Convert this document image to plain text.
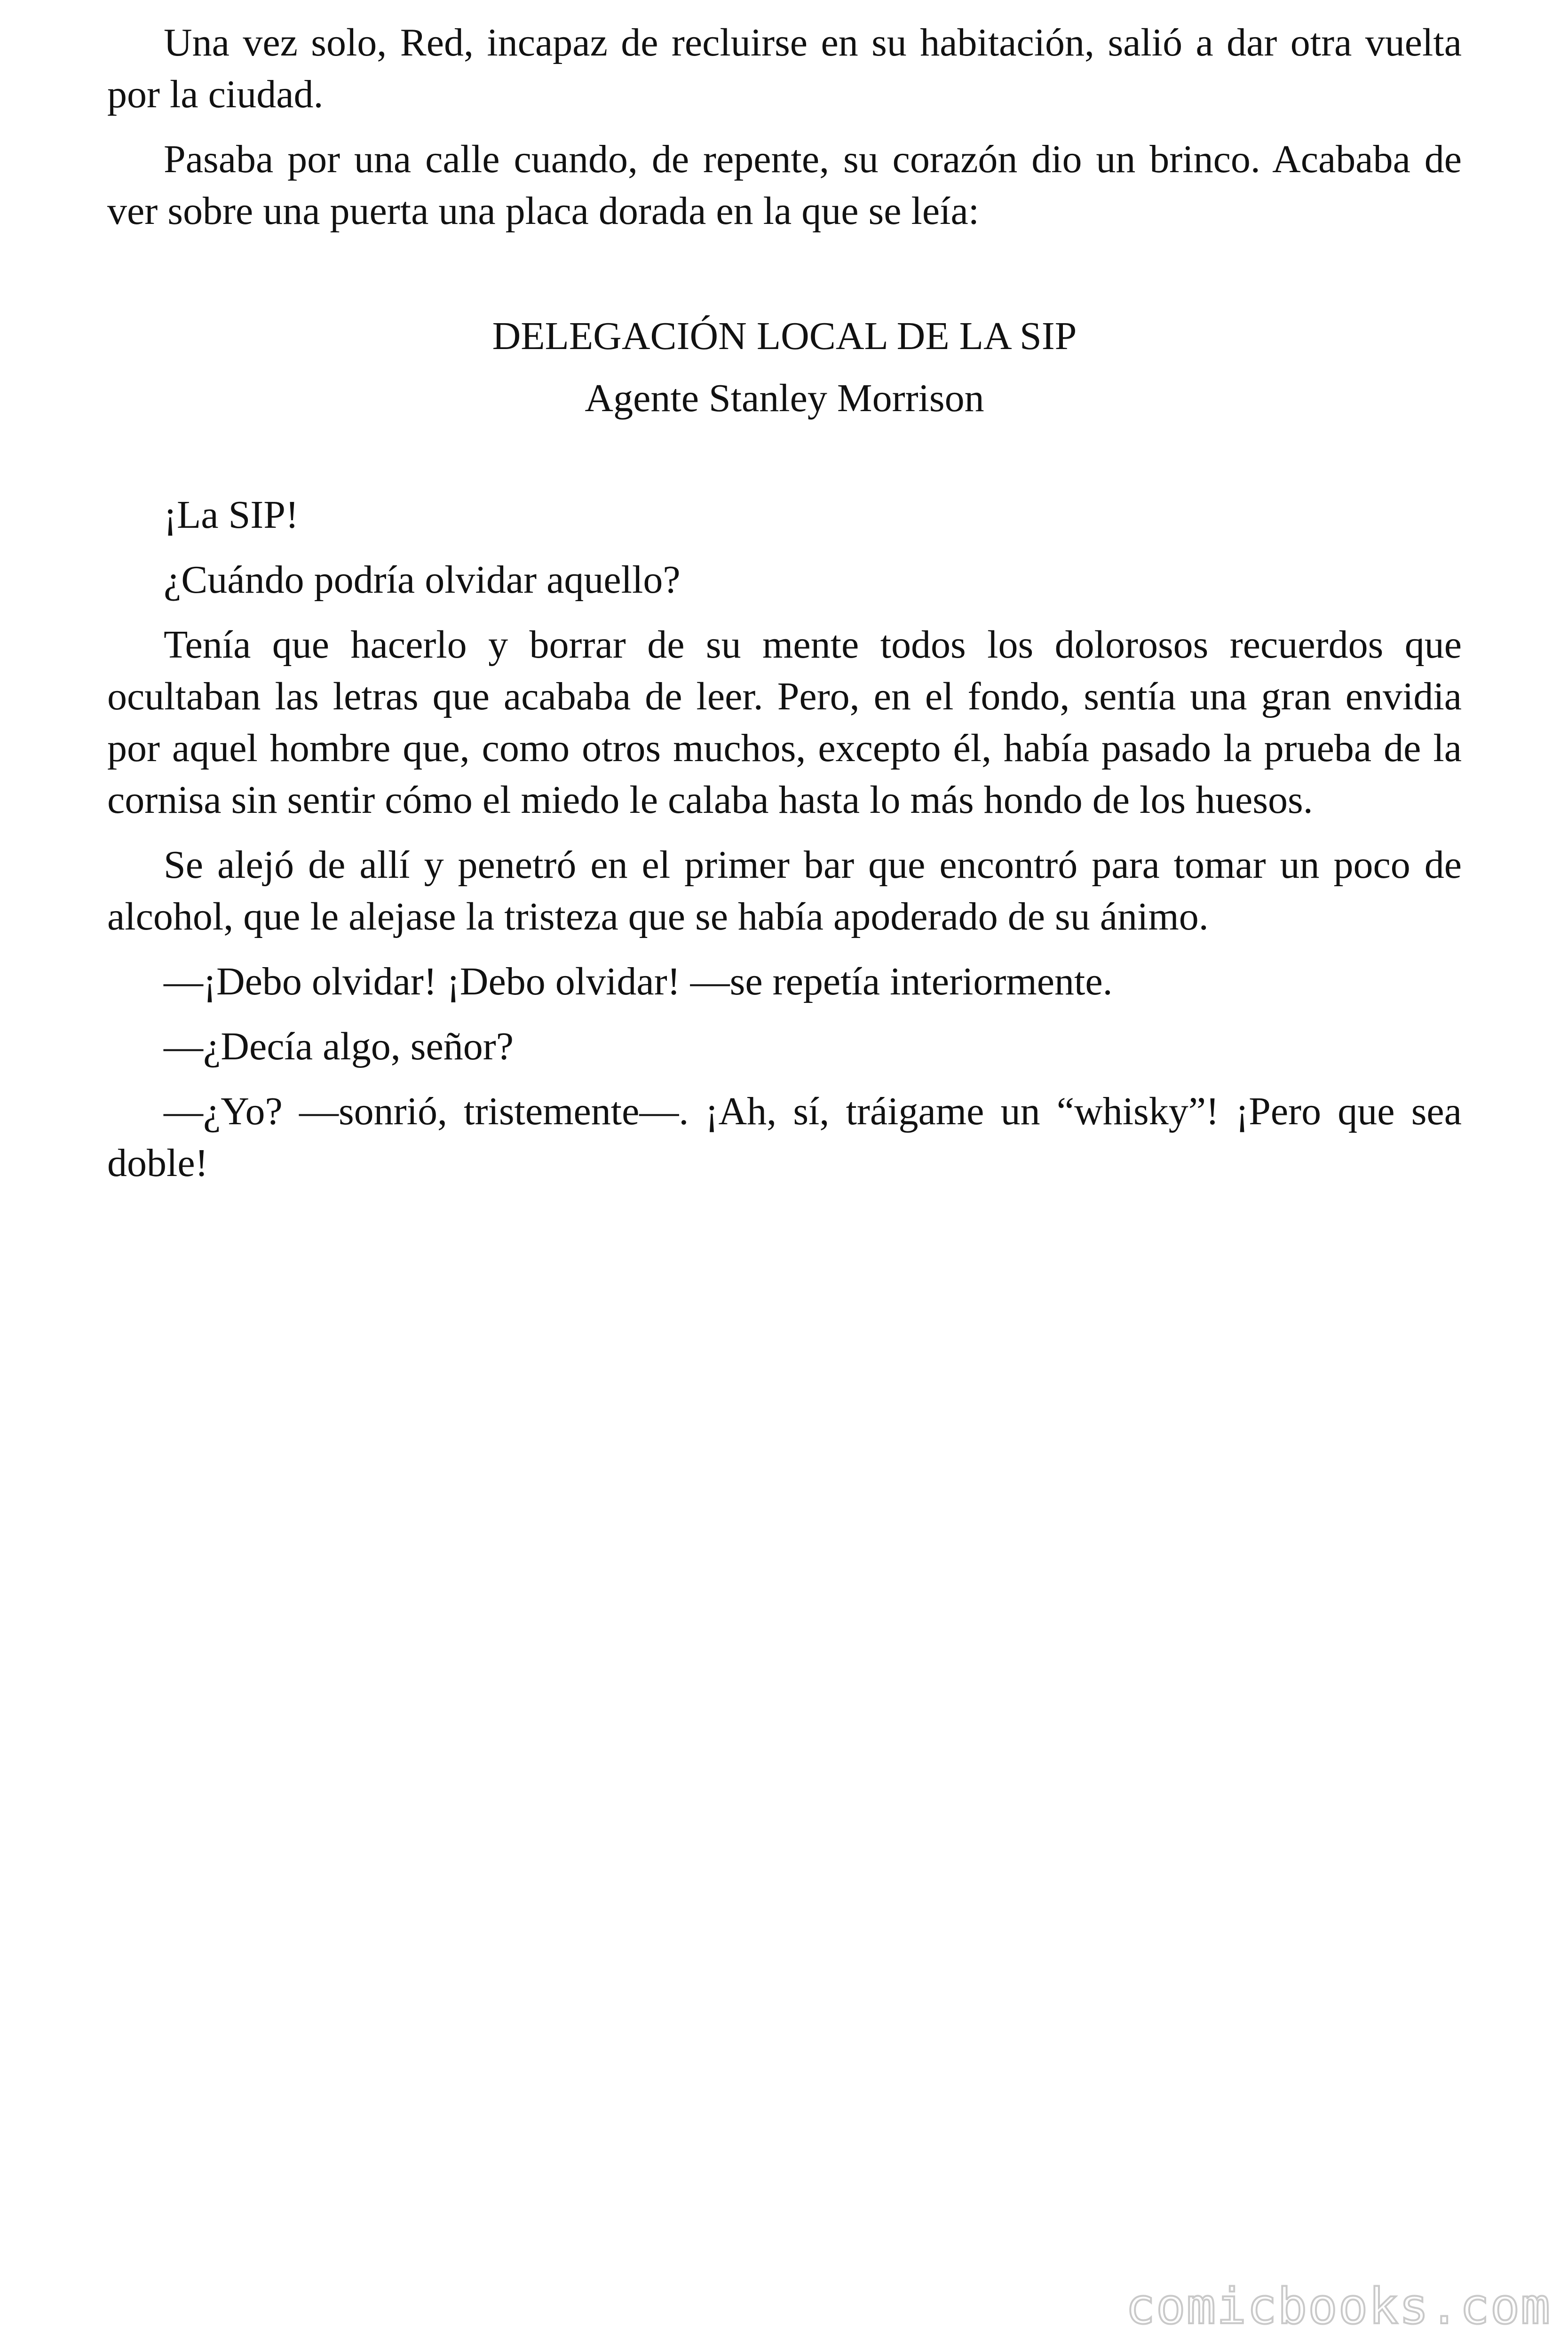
Una vez solo, Red, incapaz de recluirse en su habitación, salió a dar otra vuelta por la ciudad.

Pasaba por una calle cuando, de repente, su corazón dio un brinco. Acababa de ver sobre una puerta una placa dorada en la que se leía:

DELEGACIÓN LOCAL DE LA SIP

Agente Stanley Morrison

¡La SIP!

¿Cuándo podría olvidar aquello?

Tenía que hacerlo y borrar de su mente todos los dolorosos recuerdos que ocultaban las letras que acababa de leer. Pero, en el fondo, sentía una gran envidia por aquel hombre que, como otros muchos, excepto él, había pasado la prueba de la cornisa sin sentir cómo el miedo le calaba hasta lo más hondo de los huesos.

Se alejó de allí y penetró en el primer bar que encontró para tomar un poco de alcohol, que le alejase la tristeza que se había apoderado de su ánimo.

—¡Debo olvidar! ¡Debo olvidar! —se repetía interiormente.

—¿Decía algo, señor?

—¿Yo? —sonrió, tristemente—. ¡Ah, sí, tráigame un “whisky”! ¡Pero que sea doble!

comicbooks.com
